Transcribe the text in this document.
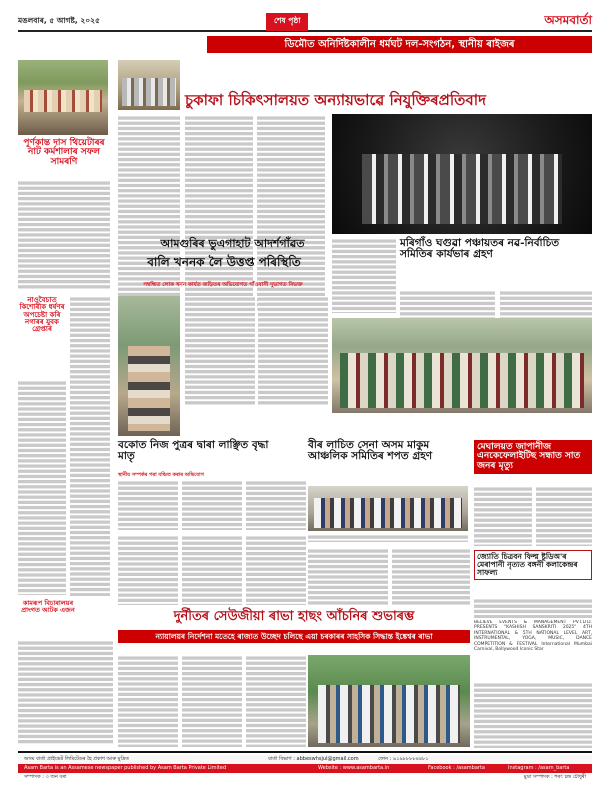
মঙলবাৰ, ৫ আগষ্ট, ২০২৫	শেষ পৃষ্ঠা	অসমবাৰ্তা
ডিমৌত অনিৰ্দিষ্টকালীন ধৰ্মঘট দল-সংগঠন, স্থানীয় ৰাইজৰ
পূৰ্ণকান্ত দাস থিয়েটাৰৰ নাট কৰ্মশালাৰ সফল সামৰণি
নাওবৈচাত কিশোৰীক ধৰ্ষণৰ অপচেষ্টা কৰি নগাৰৰ যুবক গ্ৰেপ্তাৰ
কামৰূপ বিচাৰালয়ৰ প্ৰাংগত আটক এজন
চুকাফা চিকিৎসালয়ত অন্যায়ভাৱে নিযুক্তিৰপ্ৰতিবাদ
মৰিগাঁও ঘগুৱা পঞ্চায়তৰ নৱ-নিৰ্বাচিত সমিতিৰ কাৰ্যভাৰ গ্ৰহণ
আমগুৰিৰ ভুএগাহাট আদৰ্শগাঁৱত
বালি খননক লৈ উত্তপ্ত পৰিস্থিতি
সম্বন্ধিত লোক খনন কাৰ্যত জড়িতৰ অভিযোগত গাঁওবাসী দুভাগত বিভক্ত
বকোত নিজ পুত্ৰৰ দ্বাৰা লাঞ্ছিত বৃদ্ধা মাতৃ
স্থানীয় সম্পৰ্কৰ পৰা বঞ্চিত কৰাৰ অভিযোগ
বীৰ লাচিত সেনা অসম মাকুম আঞ্চলিক সমিতিৰ শপত গ্ৰহণ
মেঘালয়ত জাপানীজ এনকেফেলাইটিছ সন্ধাত সাত জনৰ মৃত্যু
জ্যোতি চিত্ৰবন ফিল্ম ষ্টুডিঅ'ৰ মেৰাপানী নৃত্যত বঙ্গনী কলাকেন্দ্ৰৰ সাফল্য
BELIEVE EVENTS & MANAGEMENT PVT.LTD. PRESENTS "KASHISH SANSKRITI 2025" 4TH INTERNATIONAL & 5TH NATIONAL LEVEL ART, INSTRUMENTAL, YOGA, MUSIC, DANCE COMPETITION & FESTIVAL International Mumbai Carnival, Bollywood Iconic Star
দুৰ্নীতৰ সেউজীয়া ৰাভা হাছং আঁচনিৰ শুভাৰম্ভ
ন্যায়ালয়ৰ নিৰ্দেশনা মতেহে ৰাজ্যত উচ্ছেদ চলিছে এয়া চৰকাৰৰ সাহসিক সিদ্ধান্ত ইঙ্কেশ্বৰ ৰাভা
অসম বাৰ্তা প্ৰাইভেট লিমিটেডৰ হৈ প্ৰকাশ আৰু মুদ্ৰিত	বাৰ্তা বিভাগ : abbeswhsjul@gmail.com	ফোন : ৯১৯৮৮৮৮৪৪৮১
Asam Barta is an Assamese newspaper published by Asam Barta Private Limited	Website : www.asambarta.in	Facebook : /asambarta	Instagram : /asam_barta
সম্পাদক : ৩ জন বৰা	মুদ্ৰা সম্পাদক : শৰৎ চন্দ্ৰ চৌধুৰী
